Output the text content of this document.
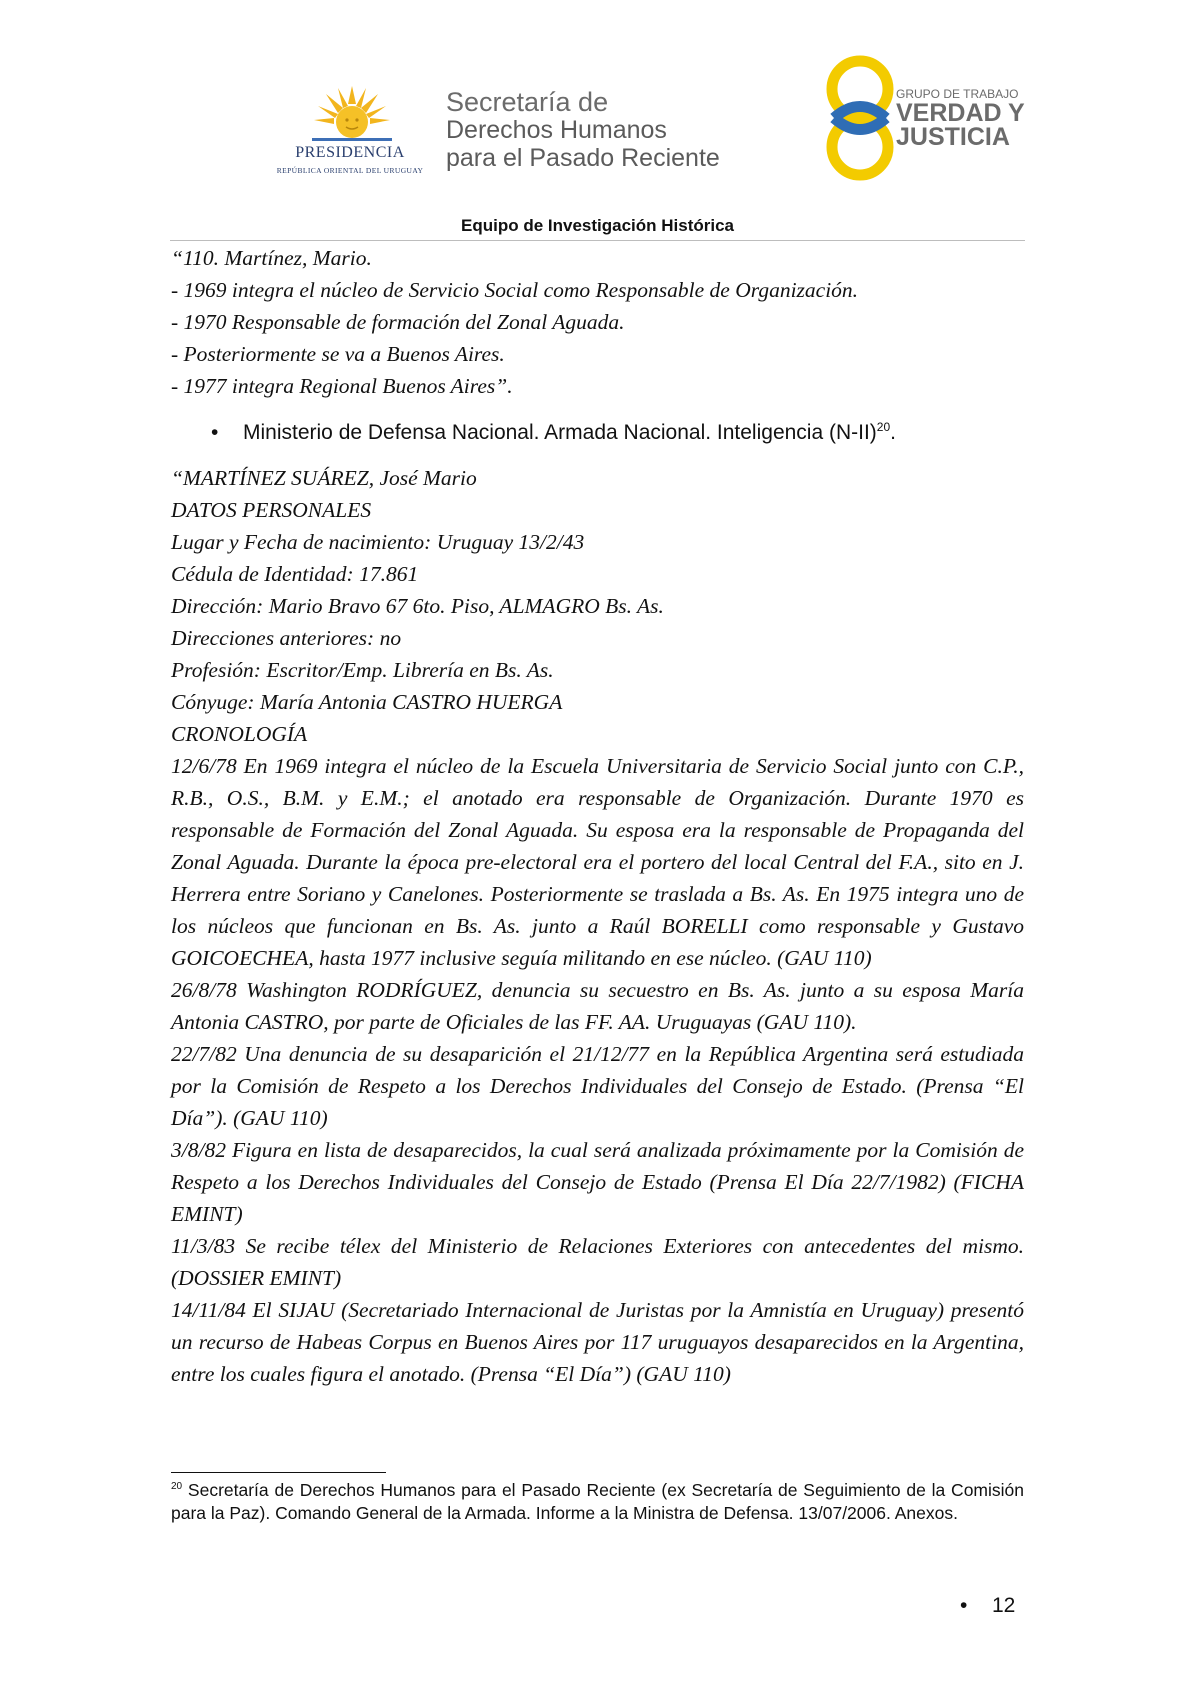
PRESIDENCIA
REPÚBLICA ORIENTAL DEL URUGUAY
Secretaría de
Derechos Humanos
para el Pasado Reciente
GRUPO DE TRABAJO
VERDAD Y
JUSTICIA
Equipo de Investigación Histórica
“110. Martínez, Mario.
- 1969 integra el núcleo de Servicio Social como Responsable de Organización.
- 1970 Responsable de formación del Zonal Aguada.
- Posteriormente se va a Buenos Aires.
- 1977 integra Regional Buenos Aires”.
• Ministerio de Defensa Nacional. Armada Nacional. Inteligencia $(N-II)^{20}$.
“MARTÍNEZ SUÁREZ, José Mario
DATOS PERSONALES
Lugar y Fecha de nacimiento: Uruguay 13/2/43
Cédula de Identidad: 17.861
Dirección: Mario Bravo 67 6to. Piso, ALMAGRO Bs. As.
Direcciones anteriores: no
Profesión: Escritor/Emp. Librería en Bs. As.
Cónyuge: María Antonia CASTRO HUERGA
CRONOLOGÍA
12/6/78 En 1969 integra el núcleo de la Escuela Universitaria de Servicio Social junto con C.P., R.B., O.S., B.M. y E.M.; el anotado era responsable de Organización. Durante 1970 es responsable de Formación del Zonal Aguada. Su esposa era la responsable de Propaganda del Zonal Aguada. Durante la época pre-electoral era el portero del local Central del F.A., sito en J. Herrera entre Soriano y Canelones. Posteriormente se traslada a Bs. As. En 1975 integra uno de los núcleos que funcionan en Bs. As. junto a Raúl BORELLI como responsable y Gustavo GOICOECHEA, hasta 1977 inclusive seguía militando en ese núcleo. (GAU 110)
26/8/78 Washington RODRÍGUEZ, denuncia su secuestro en Bs. As. junto a su esposa María Antonia CASTRO, por parte de Oficiales de las FF. AA. Uruguayas (GAU 110).
22/7/82 Una denuncia de su desaparición el 21/12/77 en la República Argentina será estudiada por la Comisión de Respeto a los Derechos Individuales del Consejo de Estado. (Prensa “El Día”). (GAU 110)
3/8/82 Figura en lista de desaparecidos, la cual será analizada próximamente por la Comisión de Respeto a los Derechos Individuales del Consejo de Estado (Prensa El Día 22/7/1982) (FICHA EMINT)
11/3/83 Se recibe télex del Ministerio de Relaciones Exteriores con antecedentes del mismo. (DOSSIER EMINT)
14/11/84 El SIJAU (Secretariado Internacional de Juristas por la Amnistía en Uruguay) presentó un recurso de Habeas Corpus en Buenos Aires por 117 uruguayos desaparecidos en la Argentina, entre los cuales figura el anotado. (Prensa “El Día”) (GAU 110)
$^{20}$ Secretaría de Derechos Humanos para el Pasado Reciente (ex Secretaría de Seguimiento de la Comisión para la Paz). Comando General de la Armada. Informe a la Ministra de Defensa. 13/07/2006. Anexos.
• 12
